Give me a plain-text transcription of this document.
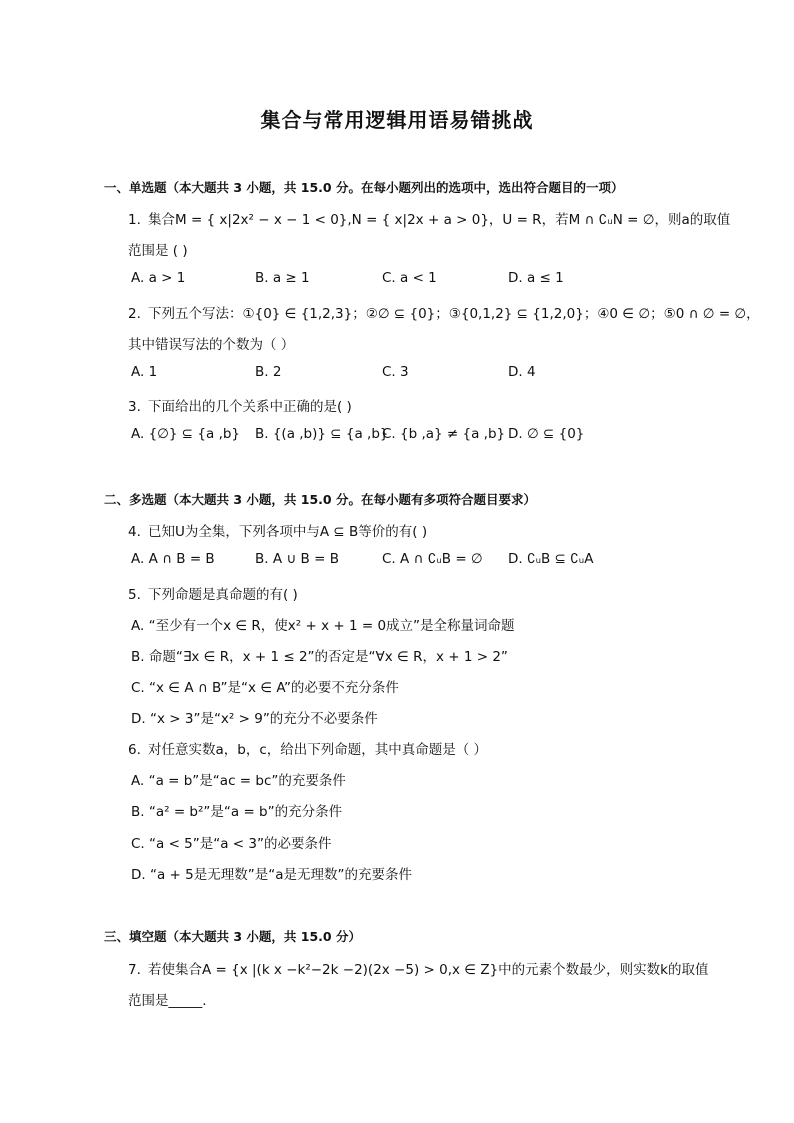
集合与常用逻辑用语易错挑战
一、单选题（本大题共 3 小题，共 15.0 分。在每小题列出的选项中，选出符合题目的一项）
1. 集合M = { x|2x² − x − 1 < 0},N = { x|2x + a > 0}，U = R，若M ∩ ∁ᵤN = ∅，则a的取值
范围是 ( )
A. a > 1	B. a ≥ 1	C. a < 1	D. a ≤ 1
2. 下列五个写法：①{0} ∈ {1,2,3}；②∅ ⊆ {0}；③{0,1,2} ⊆ {1,2,0}；④0 ∈ ∅；⑤0 ∩ ∅ = ∅，
其中错误写法的个数为（ ）
A. 1	B. 2	C. 3	D. 4
3. 下面给出的几个关系中正确的是( )
A. {∅} ⊆ {a ,b} B. {(a ,b)} ⊆ {a ,b}
C. {b ,a} ≠ {a ,b} D. ∅ ⊆ {0}
二、多选题（本大题共 3 小题，共 15.0 分。在每小题有多项符合题目要求）
4. 已知U为全集，下列各项中与A ⊆ B等价的有( )
A. A ∩ B = B	B. A ∪ B = B	C. A ∩ ∁ᵤB = ∅ D. ∁ᵤB ⊆ ∁ᵤA
5. 下列命题是真命题的有( )
A. “至少有一个x ∈ R，使x² + x + 1 = 0成立”是全称量词命题
B. 命题“∃x ∈ R，x + 1 ≤ 2”的否定是“∀x ∈ R，x + 1 > 2”
C. “x ∈ A ∩ B”是“x ∈ A”的必要不充分条件
D. “x > 3”是“x² > 9”的充分不必要条件
6. 对任意实数a，b，c，给出下列命题，其中真命题是（ ）
A. “a = b”是“ac = bc”的充要条件
B. “a² = b²”是“a = b”的充分条件
C. “a < 5”是“a < 3”的必要条件
D. “a + 5是无理数”是“a是无理数”的充要条件
三、填空题（本大题共 3 小题，共 15.0 分）
7. 若使集合A = {x |(k x −k²−2k −2)(2x −5) > 0,x ∈ Z}中的元素个数最少，则实数k的取值
范围是_____.
